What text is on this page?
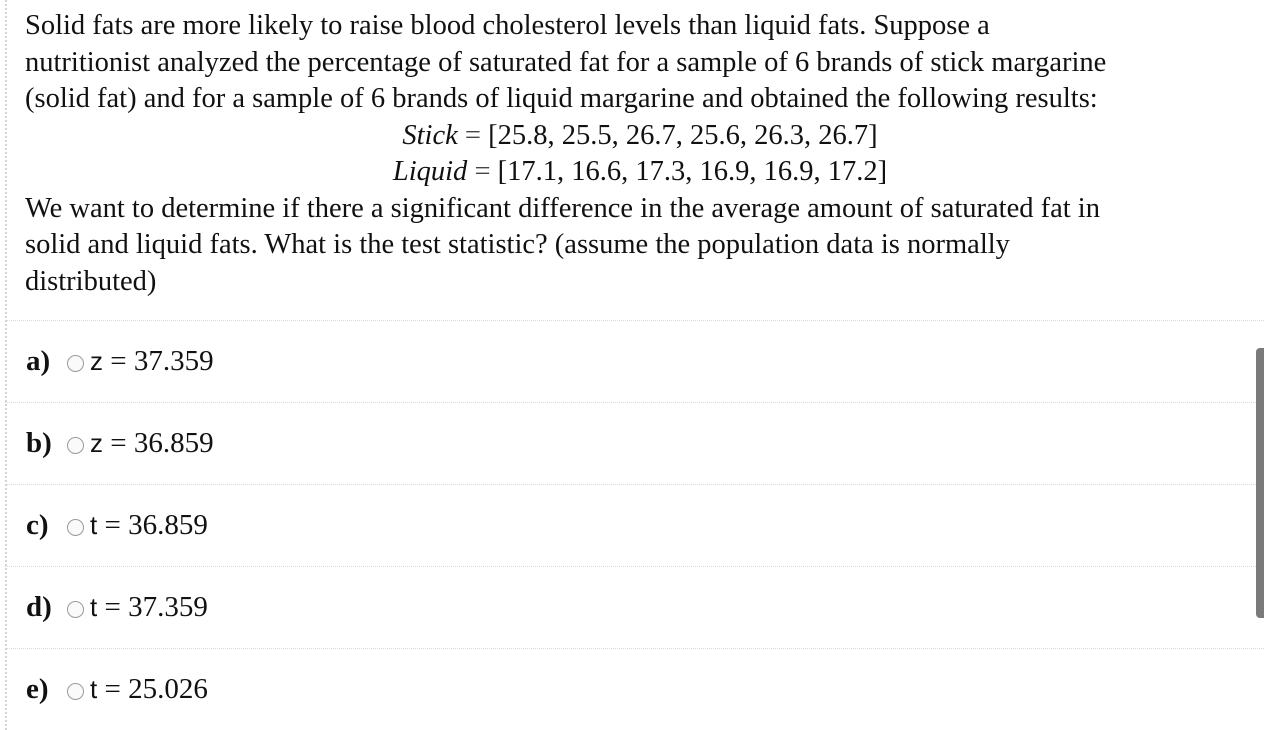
Solid fats are more likely to raise blood cholesterol levels than liquid fats. Suppose a
nutritionist analyzed the percentage of saturated fat for a sample of 6 brands of stick margarine
(solid fat) and for a sample of 6 brands of liquid margarine and obtained the following results:
Stick = [25.8, 25.5, 26.7, 25.6, 26.3, 26.7]
Liquid = [17.1, 16.6, 17.3, 16.9, 16.9, 17.2]
We want to determine if there a significant difference in the average amount of saturated fat in
solid and liquid fats. What is the test statistic? (assume the population data is normally
distributed)
a)	z = 37.359
b)	z = 36.859
c)	t = 36.859
d)	t = 37.359
e)	t = 25.026
